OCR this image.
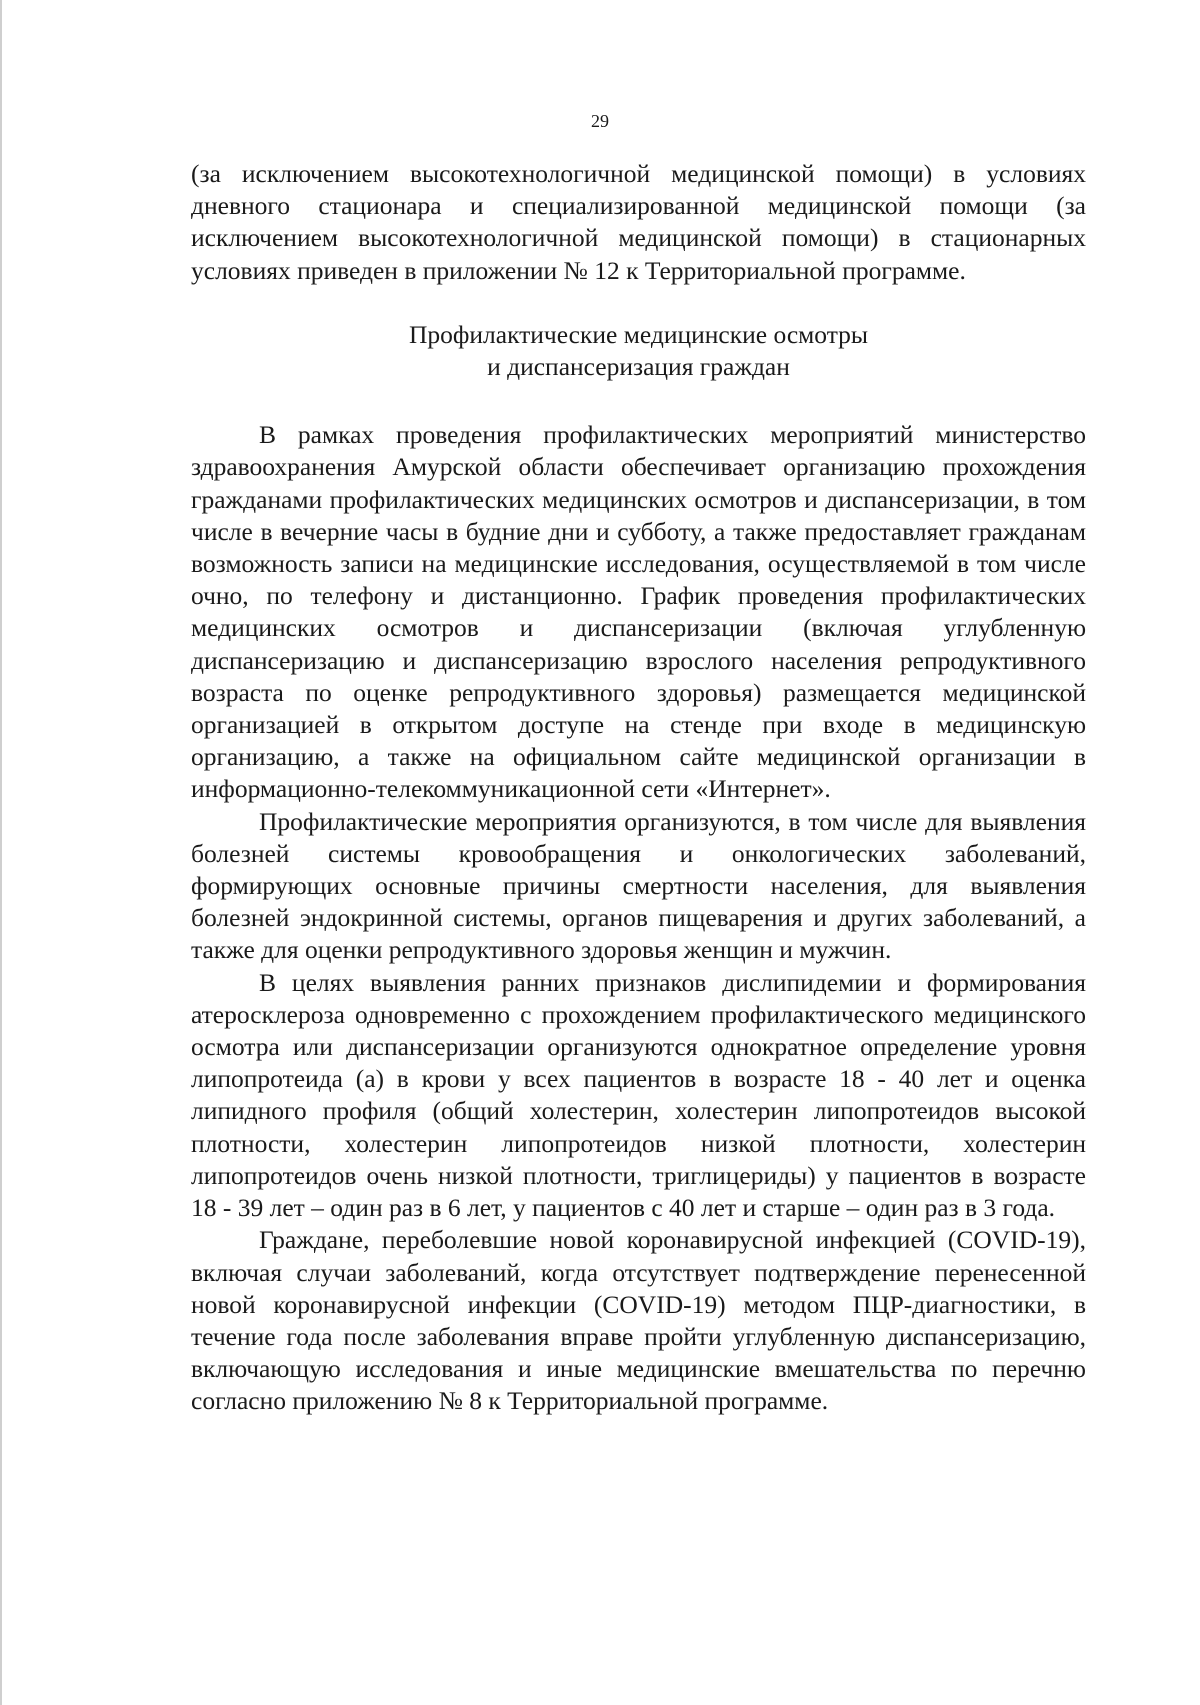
29

(за исключением высокотехнологичной медицинской помощи) в условиях дневного стационара и специализированной медицинской помощи (за исключением высокотехнологичной медицинской помощи) в стационарных условиях приведен в приложении № 12 к Территориальной программе.

Профилактические медицинские осмотры
и диспансеризация граждан

В рамках проведения профилактических мероприятий министерство здравоохранения Амурской области обеспечивает организацию прохождения гражданами профилактических медицинских осмотров и диспансеризации, в том числе в вечерние часы в будние дни и субботу, а также предоставляет гражданам возможность записи на медицинские исследования, осуществляемой в том числе очно, по телефону и дистанционно. График проведения профилактических медицинских осмотров и диспансеризации (включая углубленную диспансеризацию и диспансеризацию взрослого населения репродуктивного возраста по оценке репродуктивного здоровья) размещается медицинской организацией в открытом доступе на стенде при входе в медицинскую организацию, а также на официальном сайте медицинской организации в информационно-телекоммуникационной сети «Интернет».

Профилактические мероприятия организуются, в том числе для выявления болезней системы кровообращения и онкологических заболеваний, формирующих основные причины смертности населения, для выявления болезней эндокринной системы, органов пищеварения и других заболеваний, а также для оценки репродуктивного здоровья женщин и мужчин.

В целях выявления ранних признаков дислипидемии и формирования атеросклероза одновременно с прохождением профилактического медицинского осмотра или диспансеризации организуются однократное определение уровня липопротеида (а) в крови у всех пациентов в возрасте 18 - 40 лет и оценка липидного профиля (общий холестерин, холестерин липопротеидов высокой плотности, холестерин липопротеидов низкой плотности, холестерин липопротеидов очень низкой плотности, триглицериды) у пациентов в возрасте 18 - 39 лет – один раз в 6 лет, у пациентов с 40 лет и старше – один раз в 3 года.

Граждане, переболевшие новой коронавирусной инфекцией (COVID-19), включая случаи заболеваний, когда отсутствует подтверждение перенесенной новой коронавирусной инфекции (COVID-19) методом ПЦР-диагностики, в течение года после заболевания вправе пройти углубленную диспансеризацию, включающую исследования и иные медицинские вмешательства по перечню согласно приложению № 8 к Территориальной программе.
